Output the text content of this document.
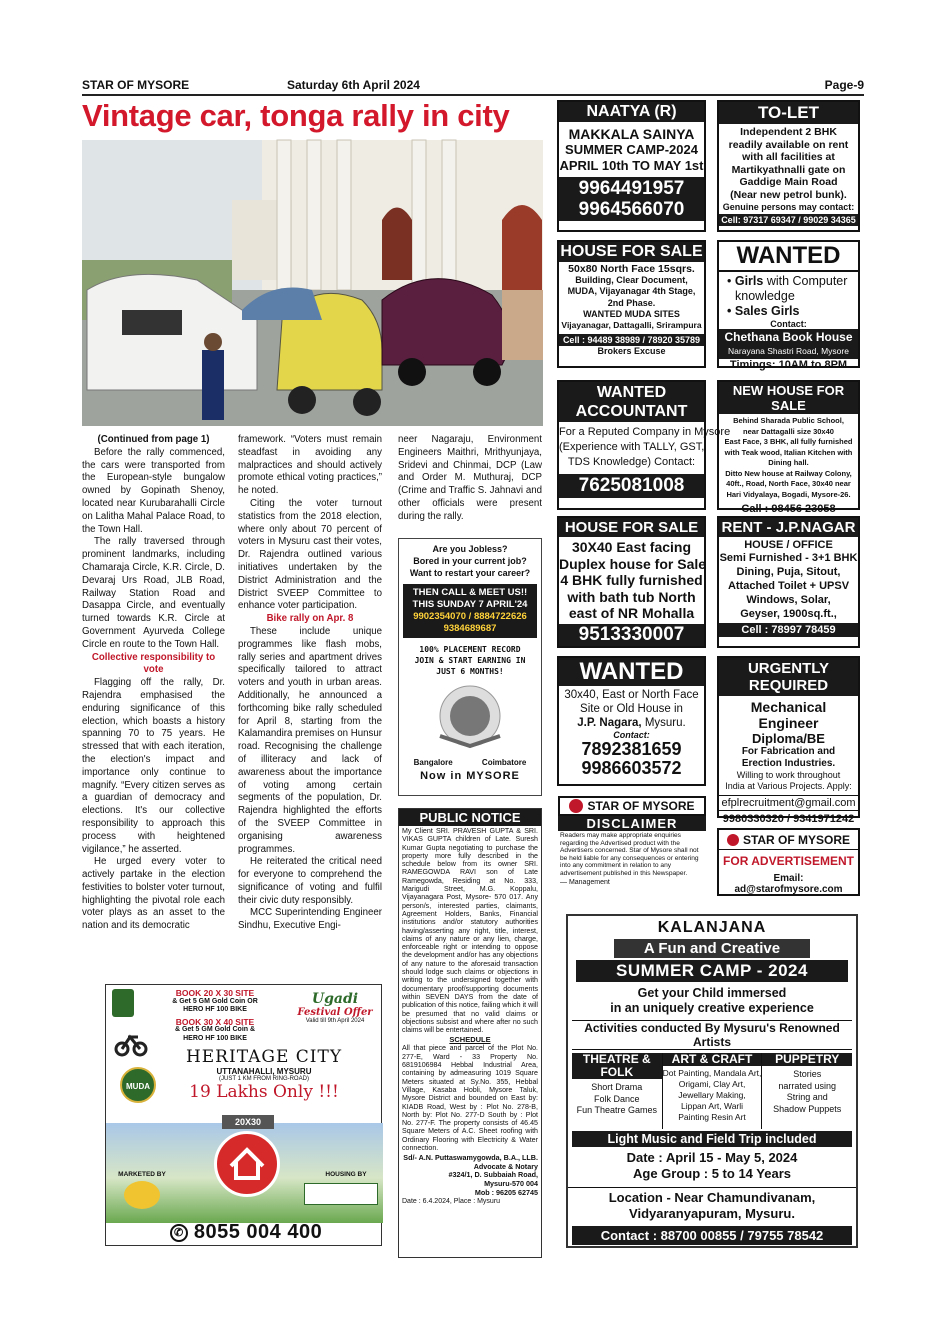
STAR OF MYSORE	Saturday 6th April 2024	Page-9
Vintage car, tonga rally in city

(Continued from page 1)

Before the rally commenced, the cars were transported from the European-style bungalow owned by Gopinath Shenoy, located near Kurubarahalli Circle on Lalitha Mahal Palace Road, to the Town Hall.

The rally traversed through prominent landmarks, including Chamaraja Circle, K.R. Circle, D. Devaraj Urs Road, JLB Road, Railway Station Road and Dasappa Circle, and eventually turned towards K.R. Circle at Government Ayurveda College Circle en route to the Town Hall.

Collective responsibility to vote

Flagging off the rally, Dr. Rajendra emphasised the enduring significance of this election, which boasts a history spanning 70 to 75 years. He stressed that with each iteration, the election's impact and importance only continue to magnify. “Every citizen serves as a guardian of democracy and elections. It's our collective responsibility to approach this process with heightened vigilance,” he asserted.

He urged every voter to actively partake in the election festivities to bolster voter turnout, highlighting the pivotal role each voter plays as an asset to the nation and its democratic

framework. “Voters must remain steadfast in avoiding any malpractices and should actively promote ethical voting practices,” he noted.

Citing the voter turnout statistics from the 2018 election, where only about 70 percent of voters in Mysuru cast their votes, Dr. Rajendra outlined various initiatives undertaken by the District Administration and the District SVEEP Committee to enhance voter participation.

Bike rally on Apr. 8

These include unique programmes like flash mobs, rally series and apartment drives specifically tailored to attract voters and youth in urban areas. Additionally, he announced a forthcoming bike rally scheduled for April 8, starting from the Kalamandira premises on Hunsur road. Recognising the challenge of illiteracy and lack of awareness about the importance of voting among certain segments of the population, Dr. Rajendra highlighted the efforts of the SVEEP Committee in organising awareness programmes.

He reiterated the critical need for everyone to comprehend the significance of voting and fulfil their civic duty responsibly.

MCC Superintending Engineer Sindhu, Executive Engi-

neer Nagaraju, Environment Engineers Maithri, Mrithyunjaya, Sridevi and Chinmai, DCP (Law and Order M. Muthuraj, DCP (Crime and Traffic S. Jahnavi and other officials were present during the rally.

Are you Jobless?
Bored in your current job?
Want to restart your career?
THEN CALL & MEET US!!
THIS SUNDAY 7 APRIL'24
9902354070 / 8884722626
9384689687
100% PLACEMENT RECORD
JOIN & START EARNING IN
JUST 6 MONTHS!
Bangalore	Coimbatore
Now in MYSORE
PUBLIC NOTICE
My Client SRI. PRAVESH GUPTA & SRI. VIKAS GUPTA children of Late. Suresh Kumar Gupta negotiating to purchase the property more fully described in the schedule below from its owner SRI. RAMEGOWDA RAVI son of Late Ramegowda, Residing at No. 333, Marigudi Street, M.G. Koppalu, Vijayanagara Post, Mysore- 570 017. Any person/s, interested parties, claimants, Agreement Holders, Banks, Financial institutions and/or statutory authorities having/asserting any right, title, interest, claims of any nature or any lien, charge, enforceable right or intending to oppose the development and/or has any objections of any nature to the aforesaid transaction should lodge such claims or objections in writing to the undersigned together with documentary proof/supporting documents within SEVEN DAYS from the date of publication of this notice, failing which it will be presumed that no valid claims or objections subsist and where after no such claims will be entertained.
SCHEDULE
All that piece and parcel of the Plot No. 277-E, Ward - 33 Property No. 6819106984 Hebbal Industrial Area, containing by admeasuring 1019 Square Meters situated at Sy.No. 355, Hebbal Village, Kasaba Hobli, Mysore Taluk, Mysore District and bounded on East by: KIADB Road, West by : Plot No. 278-B, North by: Plot No. 277-D South by : Plot No. 277-F. The property consists of 46.45 Square Meters of A.C. Sheet roofing with Ordinary Flooring with Electricity & Water connection.
Sd/- A.N. Puttaswamygowda, B.A., LLB.
Advocate & Notary
#324/1, D. Subbaiah Road,
Mysuru-570 004
Mob : 96205 62745
Date : 6.4.2024, Place : Mysuru
BOOK 20 X 30 SITE
& Get 5 GM Gold Coin OR
HERO HF 100 BIKE
BOOK 30 X 40 SITE
& Get 5 GM Gold Coin &
HERO HF 100 BIKE
Ugadi
Festival Offer
Valid till 9th April 2024
HERITAGE CITY
UTTANAHALLI, MYSURU
(JUST 1 KM FROM RING-ROAD)
19 Lakhs Only !!!
MUDA
20X30
MARKETED BY	HOUSING BY
✆ 8055 004 400
NAATYA (R)
MAKKALA SAINYA
SUMMER CAMP-2024
APRIL 10th TO MAY 1st
9964491957
9964566070
TO-LET
Independent 2 BHK
readily available on rent
with all facilities at
Martikyathnalli gate on
Gaddige Main Road
(Near new petrol bunk).
Genuine persons may contact:
Cell: 97317 69347 / 99029 34365
HOUSE FOR SALE
50x80 North Face 15sqrs.
Building, Clear Document,
MUDA, Vijayanagar 4th Stage,
2nd Phase.
WANTED MUDA SITES
Vijayanagar, Dattagalli, Srirampura
Cell : 94489 38989 / 78920 35789
Brokers Excuse
WANTED
• Girls with Computer
knowledge
• Sales Girls
Contact:
Chethana Book House
Narayana Shastri Road, Mysore
Timings: 10AM to 8PM
WANTED
ACCOUNTANT
For a Reputed Company in Mysore
(Experience with TALLY, GST,
TDS Knowledge) Contact:
7625081008
NEW HOUSE FOR SALE
Behind Sharada Public School,
near Dattagalli size 30x40
East Face, 3 BHK, all fully furnished
with Teak wood, Italian Kitchen with
Dining hall.
Ditto New house at Railway Colony,
40ft., Road, North Face, 30x40 near
Hari Vidyalaya, Bogadi, Mysore-26.
Call : 98456 23058
HOUSE FOR SALE
30X40 East facing
Duplex house for Sale
4 BHK fully furnished
with bath tub North
east of NR Mohalla
9513330007
RENT - J.P.NAGAR
HOUSE / OFFICE
Semi Furnished - 3+1 BHK
Dining, Puja, Sitout,
Attached Toilet + UPSV
Windows, Solar,
Geyser, 1900sq.ft.,
Cell : 78997 78459
WANTED
30x40, East or North Face
Site or Old House in
J.P. Nagara, Mysuru.
Contact:
7892381659
9986603572
URGENTLY REQUIRED
Mechanical Engineer
Diploma/BE
For Fabrication and
Erection Industries.
Willing to work throughout
India at Various Projects. Apply:
efplrecruitment@gmail.com
9980330320 / 9341971242
STAR OF MYSORE
DISCLAIMER
Readers may make appropriate enquiries regarding the Advertised product with the Advertisers concerned. Star of Mysore shall not be held liable for any consequences or entering into any commitment in relation to any advertisement published in this Newspaper.
— Management
STAR OF MYSORE
FOR ADVERTISEMENT
Email: ad@starofmysore.com
KALANJANA
A Fun and Creative
SUMMER CAMP - 2024
Get your Child immersed
in an uniquely creative experience
Activities conducted By Mysuru's Renowned Artists
THEATRE & FOLK
Short Drama
Folk Dance
Fun Theatre Games
ART & CRAFT
Dot Painting, Mandala Art,
Origami, Clay Art,
Jewellary Making,
Lippan Art, Warli
Painting Resin Art
PUPPETRY
Stories
narrated using
String and
Shadow Puppets
Light Music and Field Trip included
Date : April 15 - May 5, 2024
Age Group : 5 to 14 Years
Location - Near Chamundivanam,
Vidyaranyapuram, Mysuru.
Contact : 88700 00855 / 79755 78542
